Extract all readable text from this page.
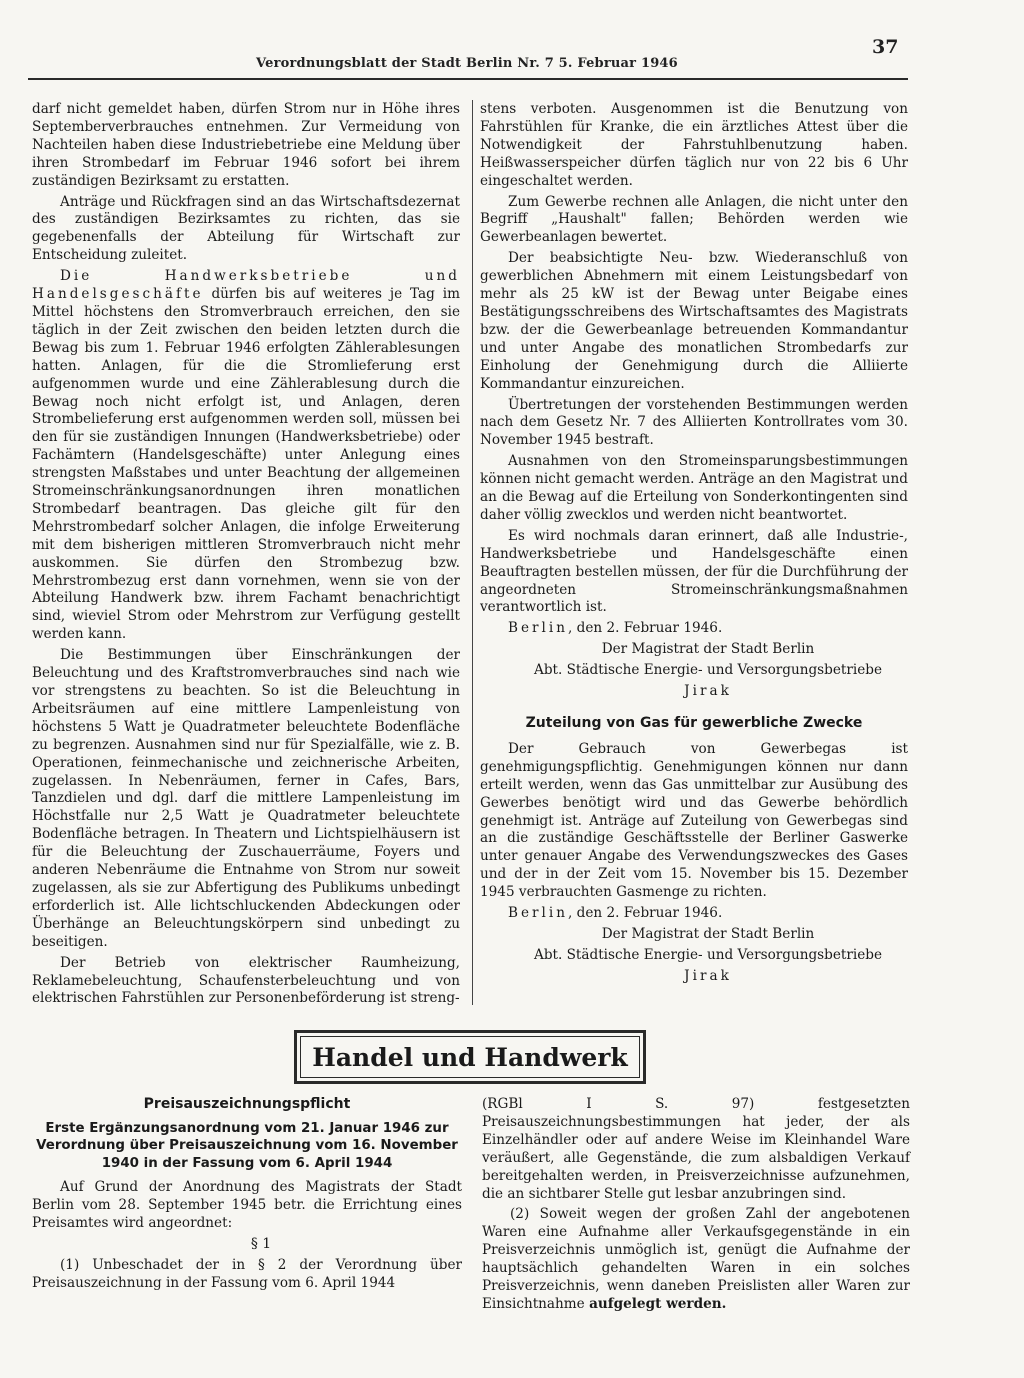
Verordnungsblatt der Stadt Berlin Nr. 7 5. Februar 1946
37

darf nicht gemeldet haben, dürfen Strom nur in Höhe ihres Septemberverbrauches entnehmen. Zur Vermeidung von Nachteilen haben diese Industriebetriebe eine Meldung über ihren Strombedarf im Februar 1946 sofort bei ihrem zuständigen Bezirksamt zu erstatten.

Anträge und Rückfragen sind an das Wirtschaftsdezernat des zuständigen Bezirksamtes zu richten, das sie gegebenenfalls der Abteilung für Wirtschaft zur Entscheidung zuleitet.

Die Handwerksbetriebe und Handelsgeschäfte dürfen bis auf weiteres je Tag im Mittel höchstens den Stromverbrauch erreichen, den sie täglich in der Zeit zwischen den beiden letzten durch die Bewag bis zum 1. Februar 1946 erfolgten Zählerablesungen hatten. Anlagen, für die die Stromlieferung erst aufgenommen wurde und eine Zählerablesung durch die Bewag noch nicht erfolgt ist, und Anlagen, deren Strombelieferung erst aufgenommen werden soll, müssen bei den für sie zuständigen Innungen (Handwerksbetriebe) oder Fachämtern (Handelsgeschäfte) unter Anlegung eines strengsten Maßstabes und unter Beachtung der allgemeinen Stromeinschränkungsanordnungen ihren monatlichen Strombedarf beantragen. Das gleiche gilt für den Mehrstrombedarf solcher Anlagen, die infolge Erweiterung mit dem bisherigen mittleren Stromverbrauch nicht mehr auskommen. Sie dürfen den Strombezug bzw. Mehrstrombezug erst dann vornehmen, wenn sie von der Abteilung Handwerk bzw. ihrem Fachamt benachrichtigt sind, wieviel Strom oder Mehrstrom zur Verfügung gestellt werden kann.

Die Bestimmungen über Einschränkungen der Beleuchtung und des Kraftstromverbrauches sind nach wie vor strengstens zu beachten. So ist die Beleuchtung in Arbeitsräumen auf eine mittlere Lampenleistung von höchstens 5 Watt je Quadratmeter beleuchtete Bodenfläche zu begrenzen. Ausnahmen sind nur für Spezialfälle, wie z. B. Operationen, feinmechanische und zeichnerische Arbeiten, zugelassen. In Nebenräumen, ferner in Cafes, Bars, Tanzdielen und dgl. darf die mittlere Lampenleistung im Höchstfalle nur 2,5 Watt je Quadratmeter beleuchtete Bodenfläche betragen. In Theatern und Lichtspielhäusern ist für die Beleuchtung der Zuschauerräume, Foyers und anderen Nebenräume die Entnahme von Strom nur soweit zugelassen, als sie zur Abfertigung des Publikums unbedingt erforderlich ist. Alle lichtschluckenden Abdeckungen oder Überhänge an Beleuchtungskörpern sind unbedingt zu beseitigen.

Der Betrieb von elektrischer Raumheizung, Reklamebeleuchtung, Schaufensterbeleuchtung und von elektrischen Fahrstühlen zur Personenbeförderung ist streng-

stens verboten. Ausgenommen ist die Benutzung von Fahrstühlen für Kranke, die ein ärztliches Attest über die Notwendigkeit der Fahrstuhlbenutzung haben. Heißwasserspeicher dürfen täglich nur von 22 bis 6 Uhr eingeschaltet werden.

Zum Gewerbe rechnen alle Anlagen, die nicht unter den Begriff „Haushalt" fallen; Behörden werden wie Gewerbeanlagen bewertet.

Der beabsichtigte Neu- bzw. Wiederanschluß von gewerblichen Abnehmern mit einem Leistungsbedarf von mehr als 25 kW ist der Bewag unter Beigabe eines Bestätigungsschreibens des Wirtschaftsamtes des Magistrats bzw. der die Gewerbeanlage betreuenden Kommandantur und unter Angabe des monatlichen Strombedarfs zur Einholung der Genehmigung durch die Alliierte Kommandantur einzureichen.

Übertretungen der vorstehenden Bestimmungen werden nach dem Gesetz Nr. 7 des Alliierten Kontrollrates vom 30. November 1945 bestraft.

Ausnahmen von den Stromeinsparungsbestimmungen können nicht gemacht werden. Anträge an den Magistrat und an die Bewag auf die Erteilung von Sonderkontingenten sind daher völlig zwecklos und werden nicht beantwortet.

Es wird nochmals daran erinnert, daß alle Industrie-, Handwerksbetriebe und Handelsgeschäfte einen Beauftragten bestellen müssen, der für die Durchführung der angeordneten Stromeinschränkungsmaßnahmen verantwortlich ist.

Berlin, den 2. Februar 1946.

Der Magistrat der Stadt Berlin

Abt. Städtische Energie- und Versorgungsbetriebe

Jirak

Zuteilung von Gas für gewerbliche Zwecke

Der Gebrauch von Gewerbegas ist genehmigungspflichtig. Genehmigungen können nur dann erteilt werden, wenn das Gas unmittelbar zur Ausübung des Gewerbes benötigt wird und das Gewerbe behördlich genehmigt ist. Anträge auf Zuteilung von Gewerbegas sind an die zuständige Geschäftsstelle der Berliner Gaswerke unter genauer Angabe des Verwendungszweckes des Gases und der in der Zeit vom 15. November bis 15. Dezember 1945 verbrauchten Gasmenge zu richten.

Berlin, den 2. Februar 1946.

Der Magistrat der Stadt Berlin

Abt. Städtische Energie- und Versorgungsbetriebe

Jirak

Handel und Handwerk
Preisauszeichnungspflicht
Erste Ergänzungsanordnung vom 21. Januar 1946 zur Verordnung über Preisauszeichnung vom 16. November 1940 in der Fassung vom 6. April 1944

Auf Grund der Anordnung des Magistrats der Stadt Berlin vom 28. September 1945 betr. die Errichtung eines Preisamtes wird angeordnet:

§ 1

(1) Unbeschadet der in § 2 der Verordnung über Preisauszeichnung in der Fassung vom 6. April 1944

(RGBl I S. 97) festgesetzten Preisauszeichnungsbestimmungen hat jeder, der als Einzelhändler oder auf andere Weise im Kleinhandel Ware veräußert, alle Gegenstände, die zum alsbaldigen Verkauf bereitgehalten werden, in Preisverzeichnisse aufzunehmen, die an sichtbarer Stelle gut lesbar anzubringen sind.

(2) Soweit wegen der großen Zahl der angebotenen Waren eine Aufnahme aller Verkaufsgegenstände in ein Preisverzeichnis unmöglich ist, genügt die Aufnahme der hauptsächlich gehandelten Waren in ein solches Preisverzeichnis, wenn daneben Preislisten aller Waren zur Einsichtnahme aufgelegt werden.
